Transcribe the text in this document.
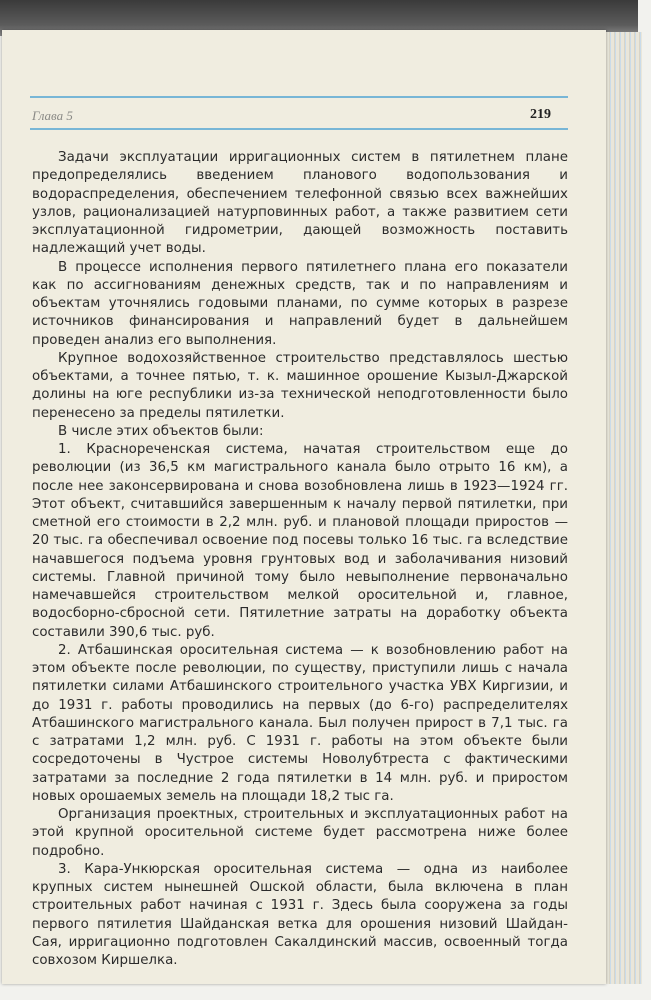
Глава 5	219

Задачи эксплуатации ирригационных систем в пятилетнем плане предопределялись введением планового водопользования и водораспределения, обеспечением телефонной связью всех важнейших узлов, рационализацией натурповинных работ, а также развитием сети эксплуатационной гидрометрии, дающей возможность поставить надлежащий учет воды.

В процессе исполнения первого пятилетнего плана его показатели как по ассигнованиям денежных средств, так и по направлениям и объектам уточнялись годовыми планами, по сумме которых в разрезе источников финансирования и направлений будет в дальнейшем проведен анализ его выполнения.

Крупное водохозяйственное строительство представлялось шестью объектами, а точнее пятью, т. к. машинное орошение Кызыл-Джарской долины на юге республики из-за технической неподготовленности было перенесено за пределы пятилетки.

В числе этих объектов были:

1. Краснореченская система, начатая строительством еще до революции (из 36,5 км магистрального канала было отрыто 16 км), а после нее законсервирована и снова возобновлена лишь в 1923—1924 гг. Этот объект, считавшийся завершенным к началу первой пятилетки, при сметной его стоимости в 2,2 млн. руб. и плановой площади приростов — 20 тыс. га обеспечивал освоение под посевы только 16 тыс. га вследствие начавшегося подъема уровня грунтовых вод и заболачивания низовий системы. Главной причиной тому было невыполнение первоначально намечавшейся строительством мелкой оросительной и, главное, водосборно-сбросной сети. Пятилетние затраты на доработку объекта составили 390,6 тыс. руб.

2. Атбашинская оросительная система — к возобновлению работ на этом объекте после революции, по существу, приступили лишь с начала пятилетки силами Атбашинского строительного участка УВХ Киргизии, и до 1931 г. работы проводились на первых (до 6-го) распределителях Атбашинского магистрального канала. Был получен прирост в 7,1 тыс. га с затратами 1,2 млн. руб. С 1931 г. работы на этом объекте были сосредоточены в Чустрое системы Новолубтреста с фактическими затратами за последние 2 года пятилетки в 14 млн. руб. и приростом новых орошаемых земель на площади 18,2 тыс га.

Организация проектных, строительных и эксплуатационных работ на этой крупной оросительной системе будет рассмотрена ниже более подробно.

3. Кара-Ункюрская оросительная система — одна из наиболее крупных систем нынешней Ошской области, была включена в план строительных работ начиная с 1931 г. Здесь была сооружена за годы первого пятилетия Шайданская ветка для орошения низовий Шайдан-Сая, ирригационно подготовлен Сакалдинский массив, освоенный тогда совхозом Киршелка.
